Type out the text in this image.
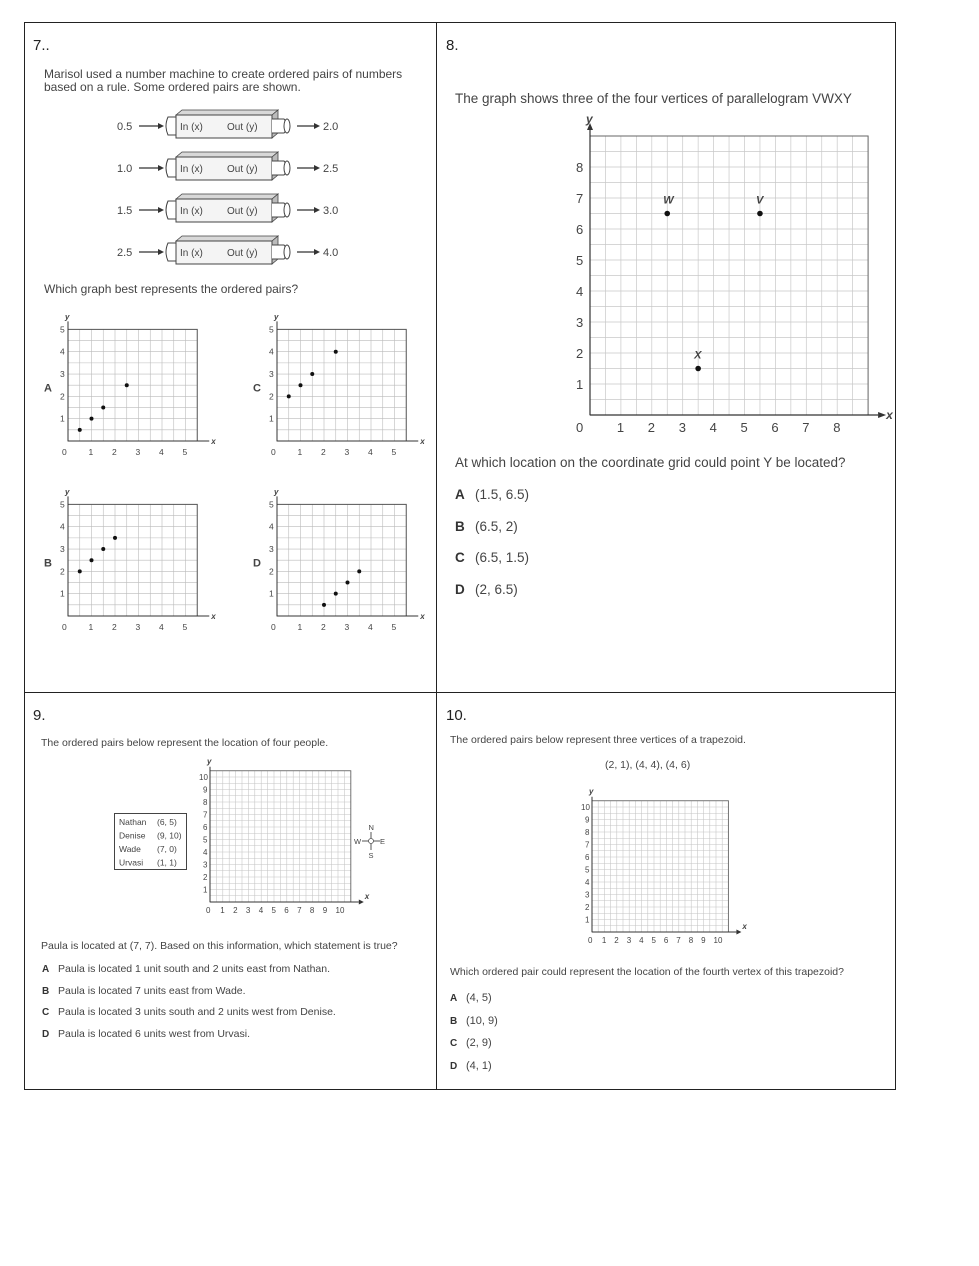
7..
Marisol used a number machine to create ordered pairs of numbers
based on a rule. Some ordered pairs are shown.
0.5	In (x) Out (y)	2.0
1.0	In (x) Out (y)	2.5
1.5	In (x) Out (y)	3.0
2.5	In (x) Out (y)	4.0
Which graph best represents the ordered pairs?
x
y
0	1 2 3 4 5
1
2
3
4
5
A
x
y
0	1 2 3 4 5
1
2
3
4
5
C
x
y
0	1 2 3 4 5
1
2
3
4
5
B
x
y
0	1 2 3 4 5
1
2
3
4
5
D
8.
The graph shows three of the four vertices of parallelogram VWXY
x
y
0	1 2 3 4 5 6 7 8
1
2
3
4
5
6
7
8
W	V
X
At which location on the coordinate grid could point Y be located?
A (1.5, 6.5)
B (6.5, 2)
C (6.5, 1.5)
D (2, 6.5)
9.
The ordered pairs below represent the location of four people.
Nathan (6, 5)
Denise (9, 10)
Wade (7, 0)
Urvasi (1, 1)
x
y
0 1 2 3 4 5 6 7 8 9 10
1
2
3
4
5
6
7
8
9
10
N
S
E
W
Paula is located at (7, 7). Based on this information, which statement is true?
A Paula is located 1 unit south and 2 units east from Nathan.
B Paula is located 7 units east from Wade.
C Paula is located 3 units south and 2 units west from Denise.
D Paula is located 6 units west from Urvasi.
10.
The ordered pairs below represent three vertices of a trapezoid.
(2, 1), (4, 4), (4, 6)
x
y
0 1 2 3 4 5 6 7 8 9 10
1
2
3
4
5
6
7
8
9
10
Which ordered pair could represent the location of the fourth vertex of this trapezoid?
A (4, 5)
B (10, 9)
C (2, 9)
D (4, 1)
